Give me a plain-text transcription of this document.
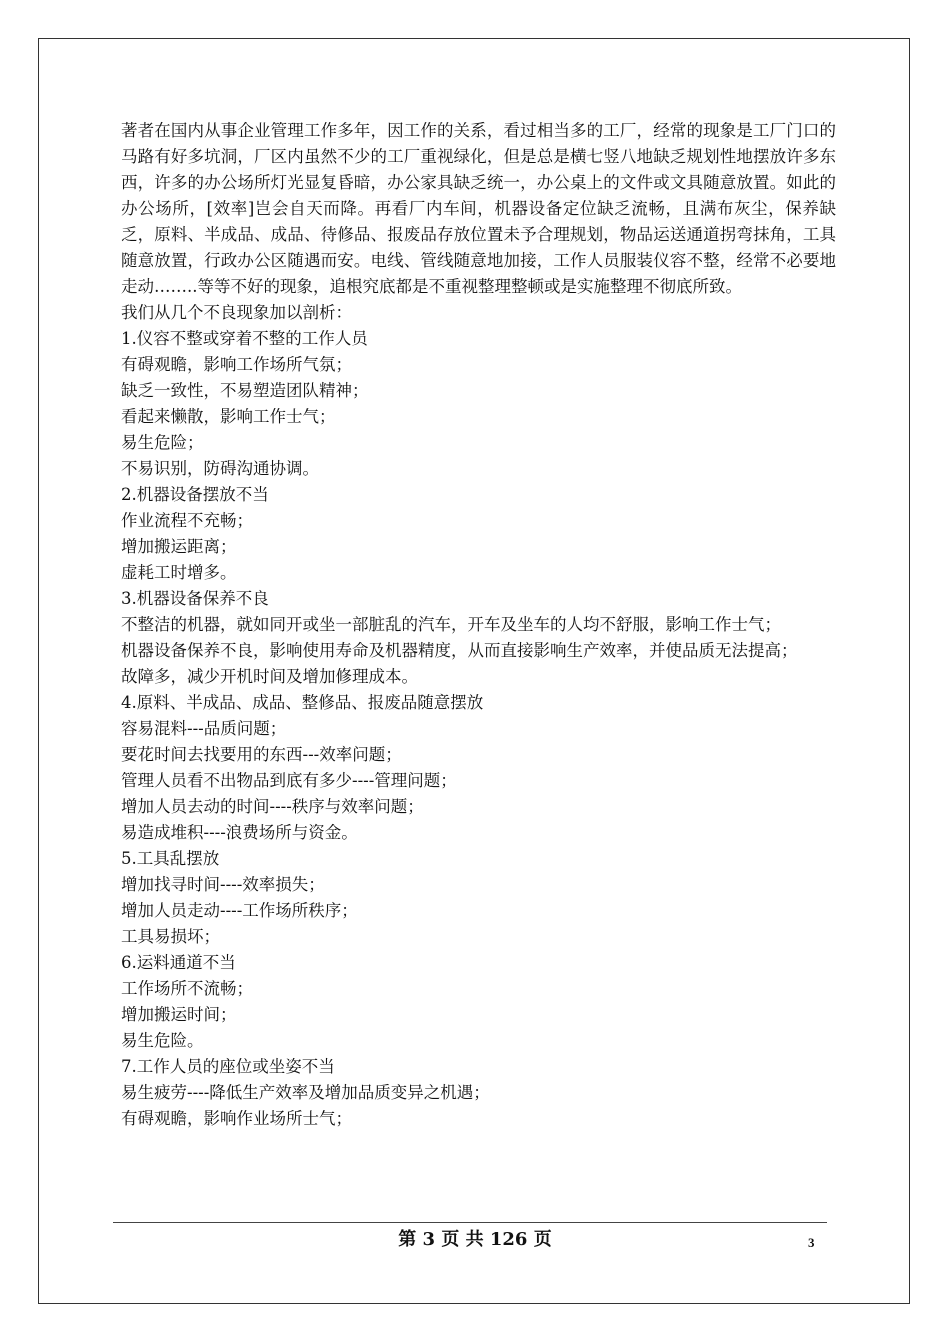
著者在国内从事企业管理工作多年，因工作的关系，看过相当多的工厂，经常的现象是工厂门口的马路有好多坑洞，厂区内虽然不少的工厂重视绿化，但是总是横七竖八地缺乏规划性地摆放许多东西，许多的办公场所灯光显复昏暗，办公家具缺乏统一，办公桌上的文件或文具随意放置。如此的办公场所，[效率]岂会自天而降。再看厂内车间，机器设备定位缺乏流畅，且满布灰尘，保养缺乏，原料、半成品、成品、待修品、报废品存放位置未予合理规划，物品运送通道拐弯抹角，工具随意放置，行政办公区随遇而安。电线、管线随意地加接，工作人员服装仪容不整，经常不必要地走动……..等等不好的现象，追根究底都是不重视整理整顿或是实施整理不彻底所致。

我们从几个不良现象加以剖析：

1.仪容不整或穿着不整的工作人员

有碍观瞻，影响工作场所气氛；

缺乏一致性，不易塑造团队精神；

看起来懒散，影响工作士气；

易生危险；

不易识别，防碍沟通协调。

2.机器设备摆放不当

作业流程不充畅；

增加搬运距离；

虚耗工时增多。

3.机器设备保养不良

不整洁的机器，就如同开或坐一部脏乱的汽车，开车及坐车的人均不舒服，影响工作士气；

机器设备保养不良，影响使用寿命及机器精度，从而直接影响生产效率，并使品质无法提高；

故障多，减少开机时间及增加修理成本。

4.原料、半成品、成品、整修品、报废品随意摆放

容易混料---品质问题；

要花时间去找要用的东西---效率问题；

管理人员看不出物品到底有多少----管理问题；

增加人员去动的时间----秩序与效率问题；

易造成堆积----浪费场所与资金。

5.工具乱摆放

增加找寻时间----效率损失；

增加人员走动----工作场所秩序；

工具易损坏；

6.运料通道不当

工作场所不流畅；

增加搬运时间；

易生危险。

7.工作人员的座位或坐姿不当

易生疲劳----降低生产效率及增加品质变异之机遇；

有碍观瞻，影响作业场所士气；

第 3 页 共 126 页	3
